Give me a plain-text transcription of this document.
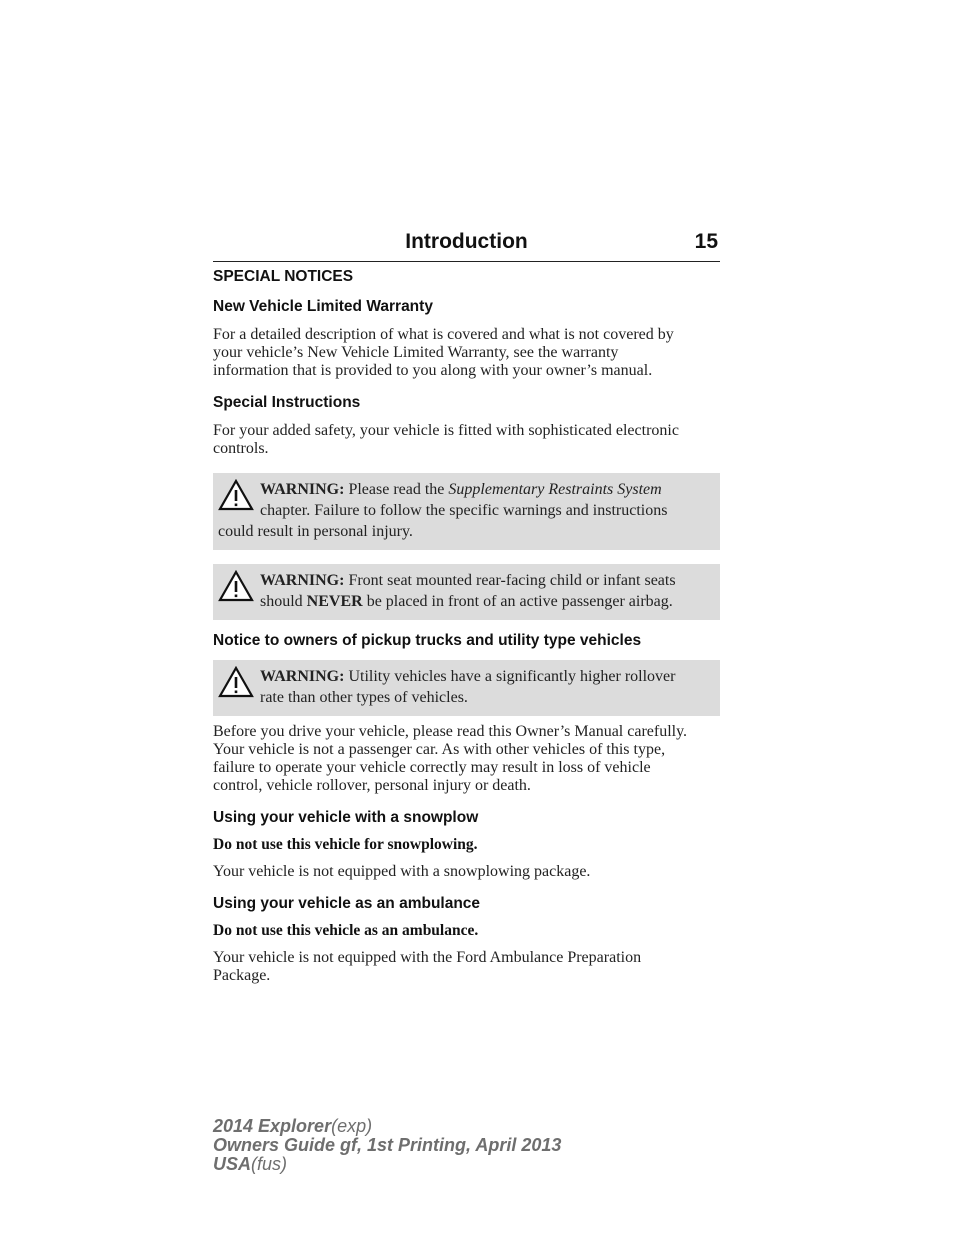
Introduction	15
SPECIAL NOTICES
New Vehicle Limited Warranty

For a detailed description of what is covered and what is not covered by
your vehicle’s New Vehicle Limited Warranty, see the warranty
information that is provided to you along with your owner’s manual.

Special Instructions

For your added safety, your vehicle is fitted with sophisticated electronic
controls.

WARNING: Please read the Supplementary Restraints System
chapter. Failure to follow the specific warnings and instructions
could result in personal injury.
WARNING: Front seat mounted rear-facing child or infant seats
should NEVER be placed in front of an active passenger airbag.
Notice to owners of pickup trucks and utility type vehicles
WARNING: Utility vehicles have a significantly higher rollover
rate than other types of vehicles.

Before you drive your vehicle, please read this Owner’s Manual carefully.
Your vehicle is not a passenger car. As with other vehicles of this type,
failure to operate your vehicle correctly may result in loss of vehicle
control, vehicle rollover, personal injury or death.

Using your vehicle with a snowplow

Do not use this vehicle for snowplowing.

Your vehicle is not equipped with a snowplowing package.

Using your vehicle as an ambulance

Do not use this vehicle as an ambulance.

Your vehicle is not equipped with the Ford Ambulance Preparation
Package.

2014 Explorer(exp)
Owners Guide gf, 1st Printing, April 2013
USA(fus)
